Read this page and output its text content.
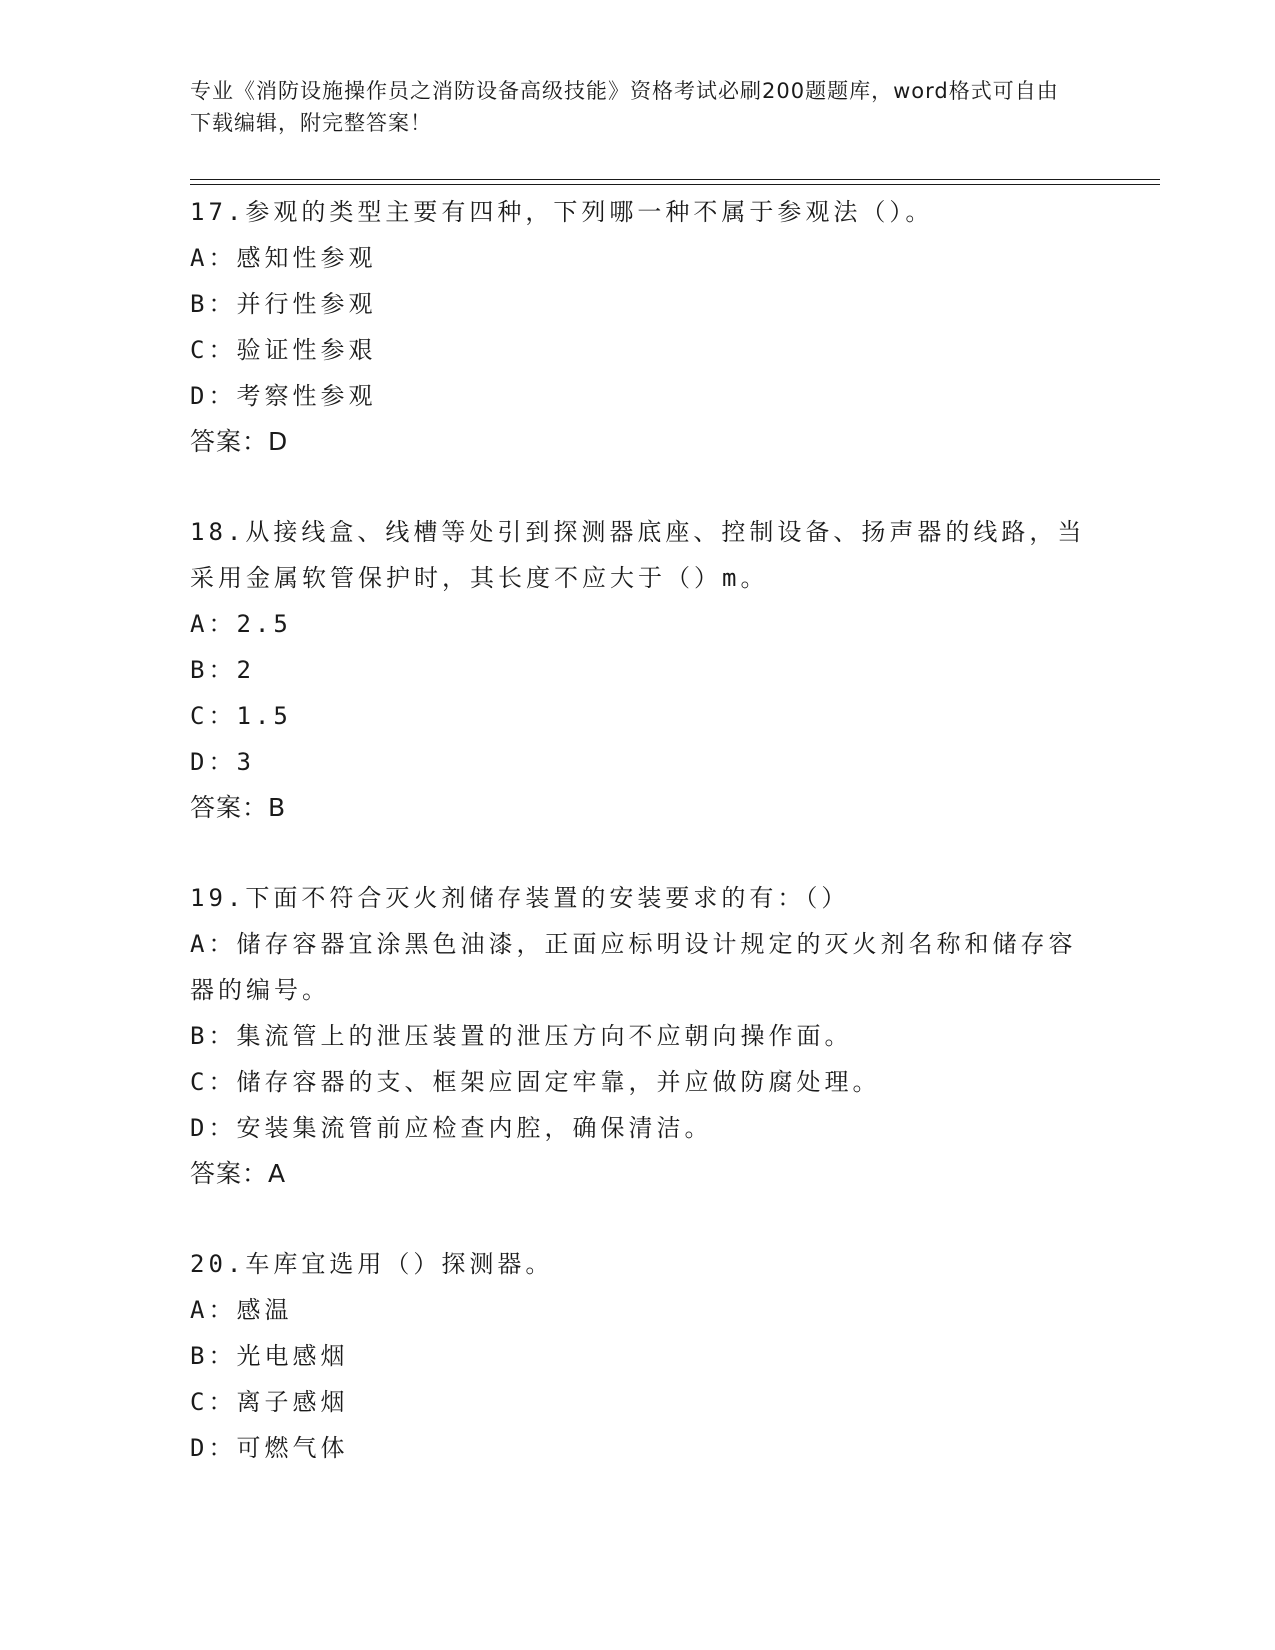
专业《消防设施操作员之消防设备高级技能》资格考试必刷200题题库，word格式可自由下载编辑，附完整答案！
17.参观的类型主要有四种，下列哪一种不属于参观法（）。
A：感知性参观
B：并行性参观
C：验证性参艰
D：考察性参观
答案：D
18.从接线盒、线槽等处引到探测器底座、控制设备、扬声器的线路，当采用金属软管保护时，其长度不应大于（）m。
A：2.5
B：2
C：1.5
D：3
答案：B
19.下面不符合灭火剂储存装置的安装要求的有：（）
A：储存容器宜涂黑色油漆，正面应标明设计规定的灭火剂名称和储存容器的编号。
B：集流管上的泄压装置的泄压方向不应朝向操作面。
C：储存容器的支、框架应固定牢靠，并应做防腐处理。
D：安装集流管前应检查内腔，确保清洁。
答案：A
20.车库宜选用（）探测器。
A：感温
B：光电感烟
C：离子感烟
D：可燃气体
